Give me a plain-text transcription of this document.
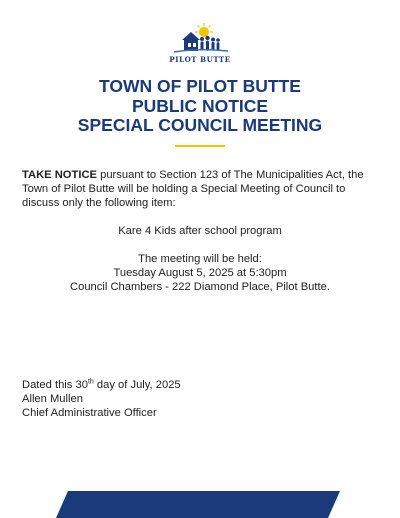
PILOT BUTTE
TOWN OF PILOT BUTTE
PUBLIC NOTICE
SPECIAL COUNCIL MEETING
TAKE NOTICE pursuant to Section 123 of The Municipalities Act, the Town of Pilot Butte will be holding a Special Meeting of Council to discuss only the following item:
Kare 4 Kids after school program
The meeting will be held:
Tuesday August 5, 2025 at 5:30pm
Council Chambers - 222 Diamond Place, Pilot Butte.
Dated this 30th day of July, 2025
Allen Mullen
Chief Administrative Officer
